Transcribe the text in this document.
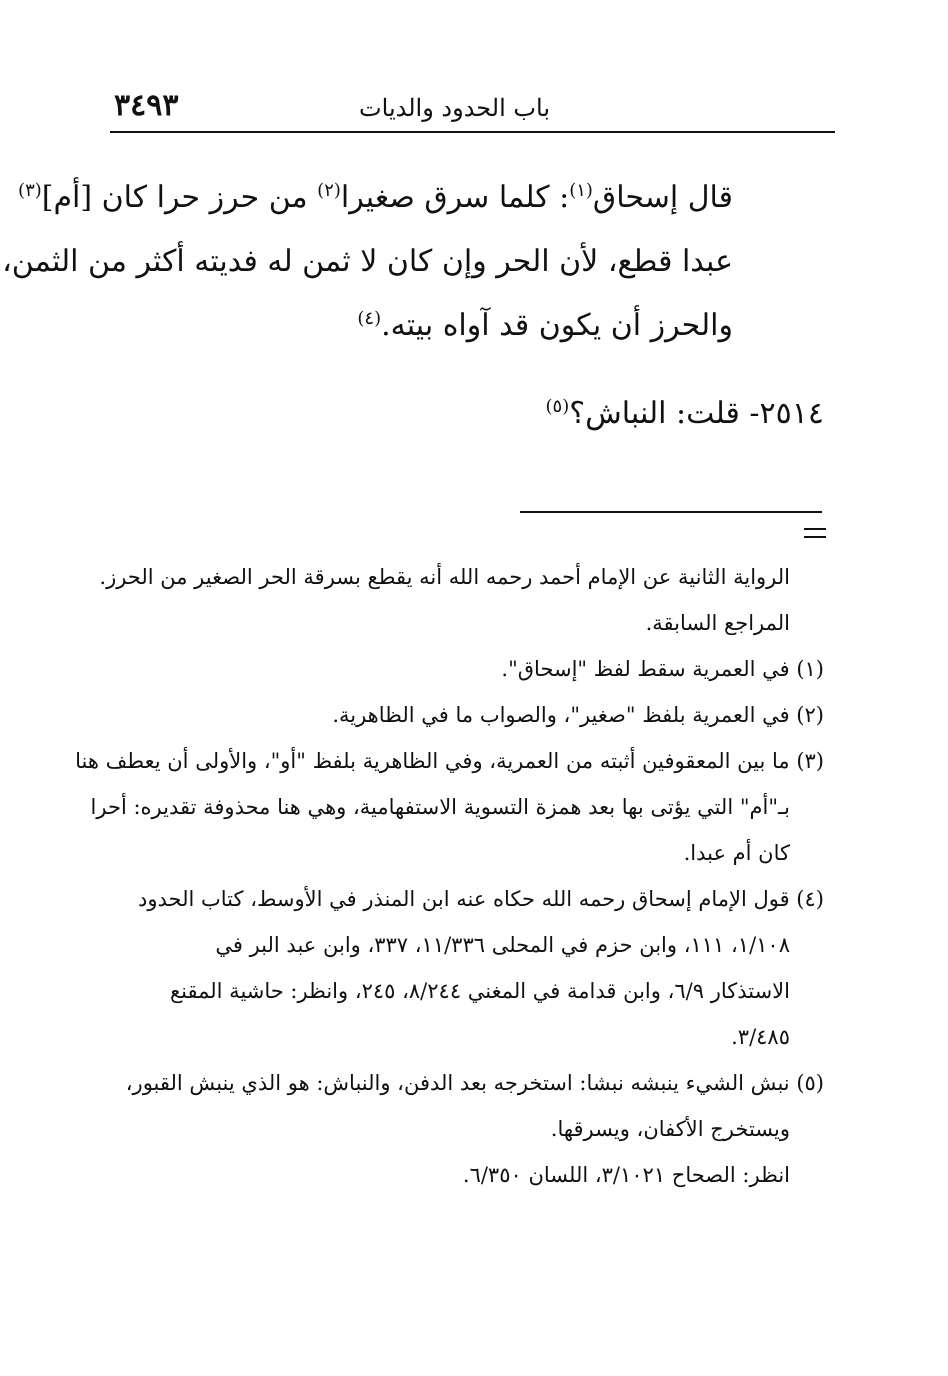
٣٤٩٣	باب الحدود والديات
قال إسحاق$^{(١)}$: كلما سرق صغيرا$^{(٢)}$ من حرز حرا كان [أم]$^{(٣)}$
عبدا قطع، لأن الحر وإن كان لا ثمن له فديته أكثر من الثمن،
والحرز أن يكون قد آواه بيته.$^{(٤)}$
٢٥١٤- قلت: النباش؟$^{(٥)}$
الرواية الثانية عن الإمام أحمد رحمه الله أنه يقطع بسرقة الحر الصغير من الحرز.
المراجع السابقة.
(١) في العمرية سقط لفظ "إسحاق".
(٢) في العمرية بلفظ "صغير"، والصواب ما في الظاهرية.
(٣) ما بين المعقوفين أثبته من العمرية، وفي الظاهرية بلفظ "أو"، والأولى أن يعطف هنا
بـ"أم" التي يؤتى بها بعد همزة التسوية الاستفهامية، وهي هنا محذوفة تقديره: أحرا
كان أم عبدا.
(٤) قول الإمام إسحاق رحمه الله حكاه عنه ابن المنذر في الأوسط، كتاب الحدود
١/١٠٨، ١١١، وابن حزم في المحلى ١١/٣٣٦، ٣٣٧، وابن عبد البر في
الاستذكار ٦/٩، وابن قدامة في المغني ٨/٢٤٤، ٢٤٥، وانظر: حاشية المقنع
٣/٤٨٥.
(٥) نبش الشيء ينبشه نبشا: استخرجه بعد الدفن، والنباش: هو الذي ينبش القبور،
ويستخرج الأكفان، ويسرقها.
انظر: الصحاح ٣/١٠٢١، اللسان ٦/٣٥٠.
